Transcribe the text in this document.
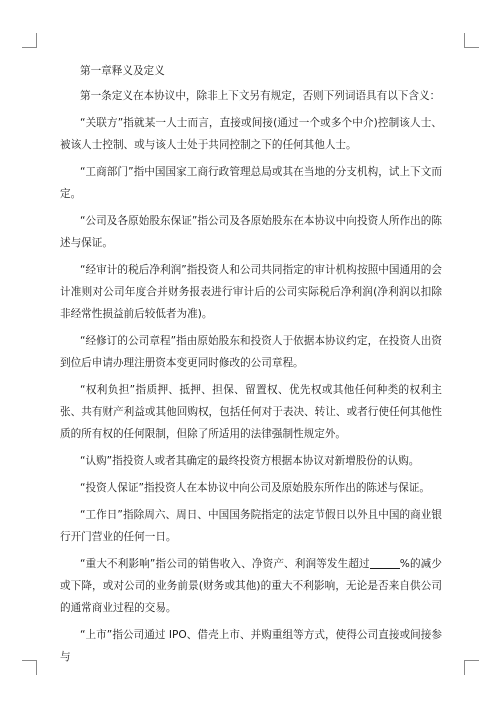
第一章释义及定义

第一条定义在本协议中，除非上下文另有规定，否则下列词语具有以下含义：

“关联方”指就某一人士而言，直接或间接(通过一个或多个中介)控制该人士、被该人士控制、或与该人士处于共同控制之下的任何其他人士。

“工商部门”指中国国家工商行政管理总局或其在当地的分支机构，试上下文而定。

“公司及各原始股东保证”指公司及各原始股东在本协议中向投资人所作出的陈述与保证。

“经审计的税后净利润”指投资人和公司共同指定的审计机构按照中国通用的会计准则对公司年度合并财务报表进行审计后的公司实际税后净利润(净利润以扣除非经常性损益前后较低者为准)。

“经修订的公司章程”指由原始股东和投资人于依据本协议约定，在投资人出资到位后申请办理注册资本变更同时修改的公司章程。

“权利负担”指质押、抵押、担保、留置权、优先权或其他任何种类的权利主张、共有财产利益或其他回购权，包括任何对于表决、转让、或者行使任何其他性质的所有权的任何限制，但除了所适用的法律强制性规定外。

“认购”指投资人或者其确定的最终投资方根据本协议对新增股份的认购。

“投资人保证”指投资人在本协议中向公司及原始股东所作出的陈述与保证。

“工作日”指除周六、周日、中国国务院指定的法定节假日以外且中国的商业银行开门营业的任何一日。

“重大不利影响”指公司的销售收入、净资产、利润等发生超过	%的减少或下降，或对公司的业务前景(财务或其他)的重大不利影响，无论是否来自供公司的通常商业过程的交易。

“上市”指公司通过 IPO、借壳上市、并购重组等方式，使得公司直接或间接参与
